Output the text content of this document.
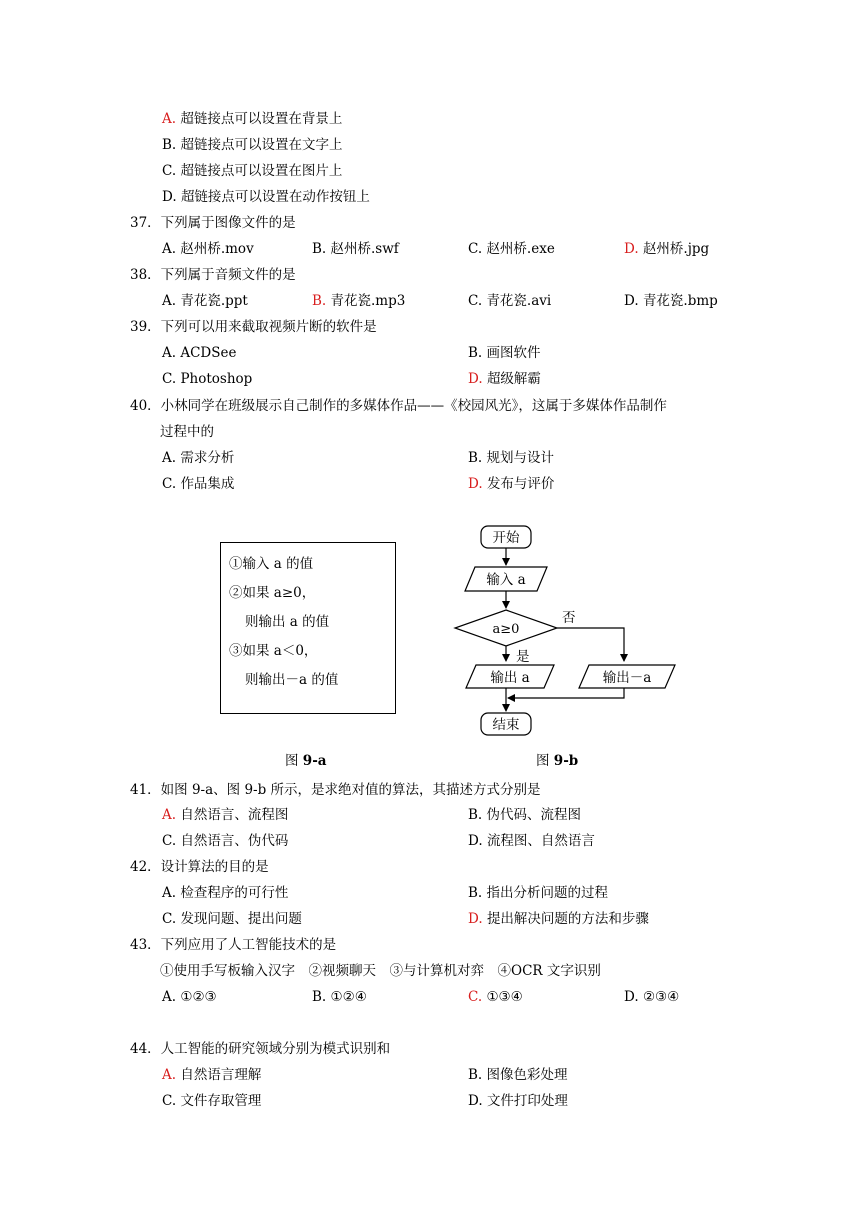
A. 超链接点可以设置在背景上
B. 超链接点可以设置在文字上
C. 超链接点可以设置在图片上
D. 超链接点可以设置在动作按钮上
37．下列属于图像文件的是
A. 赵州桥.mov	B. 赵州桥.swf	C. 赵州桥.exe	D. 赵州桥.jpg
38．下列属于音频文件的是
A. 青花瓷.ppt	B. 青花瓷.mp3	C. 青花瓷.avi	D. 青花瓷.bmp
39．下列可以用来截取视频片断的软件是
A. ACDSee	B. 画图软件
C. Photoshop	D. 超级解霸
40．小林同学在班级展示自己制作的多媒体作品——《校园风光》，这属于多媒体作品制作
过程中的
A. 需求分析	B. 规划与设计
C. 作品集成	D. 发布与评价
①输入 a 的值
②如果 a≥0，
则输出 a 的值
③如果 a＜0，
则输出－a 的值
图 9-a
开始
输入 a
a≥0
否
是
输出 a	输出－a
结束
图 9-b
41．如图 9-a、图 9-b 所示，是求绝对值的算法，其描述方式分别是
A. 自然语言、流程图	B. 伪代码、流程图
C. 自然语言、伪代码	D. 流程图、自然语言
42．设计算法的目的是
A. 检查程序的可行性	B. 指出分析问题的过程
C. 发现问题、提出问题	D. 提出解决问题的方法和步骤
43．下列应用了人工智能技术的是
①使用手写板输入汉字　②视频聊天　③与计算机对弈　④OCR 文字识别
A. ①②③	B. ①②④	C. ①③④	D. ②③④
44．人工智能的研究领域分别为模式识别和
A. 自然语言理解	B. 图像色彩处理
C. 文件存取管理	D. 文件打印处理
